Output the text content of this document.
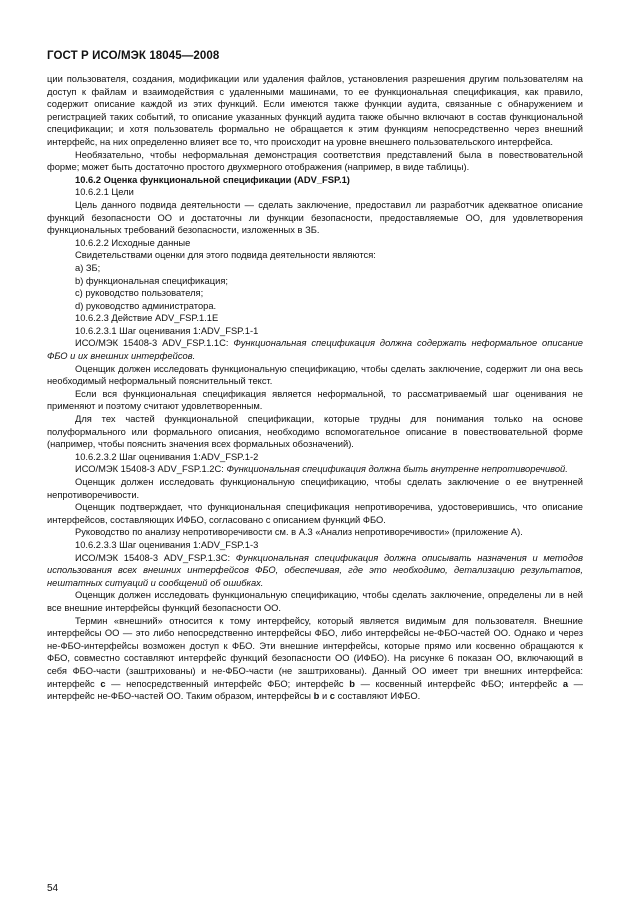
ГОСТ Р ИСО/МЭК 18045—2008

ции пользователя, создания, модификации или удаления файлов, установления разрешения другим пользователям на доступ к файлам и взаимодействия с удаленными машинами, то ее функциональная спецификация, как правило, содержит описание каждой из этих функций. Если имеются также функции аудита, связанные с обнаружением и регистрацией таких событий, то описание указанных функций аудита также обычно включают в состав функциональной спецификации; и хотя пользователь формально не обращается к этим функциям непосредственно через внешний интерфейс, на них определенно влияет все то, что происходит на уровне внешнего пользовательского интерфейса.

Необязательно, чтобы неформальная демонстрация соответствия представлений была в повествовательной форме; может быть достаточно простого двухмерного отображения (например, в виде таблицы).

10.6.2 Оценка функциональной спецификации (ADV_FSP.1)

10.6.2.1 Цели

Цель данного подвида деятельности — сделать заключение, предоставил ли разработчик адекватное описание функций безопасности ОО и достаточны ли функции безопасности, предоставляемые ОО, для удовлетворения функциональных требований безопасности, изложенных в ЗБ.

10.6.2.2 Исходные данные

Свидетельствами оценки для этого подвида деятельности являются:

a) ЗБ;

b) функциональная спецификация;

c) руководство пользователя;

d) руководство администратора.

10.6.2.3 Действие ADV_FSP.1.1E

10.6.2.3.1 Шаг оценивания 1:ADV_FSP.1-1

ИСО/МЭК 15408-3 ADV_FSP.1.1C: Функциональная спецификация должна содержать неформальное описание ФБО и их внешних интерфейсов.

Оценщик должен исследовать функциональную спецификацию, чтобы сделать заключение, содержит ли она весь необходимый неформальный пояснительный текст.

Если вся функциональная спецификация является неформальной, то рассматриваемый шаг оценивания не применяют и поэтому считают удовлетворенным.

Для тех частей функциональной спецификации, которые трудны для понимания только на основе полуформального или формального описания, необходимо вспомогательное описание в повествовательной форме (например, чтобы пояснить значения всех формальных обозначений).

10.6.2.3.2 Шаг оценивания 1:ADV_FSP.1-2

ИСО/МЭК 15408-3 ADV_FSP.1.2C: Функциональная спецификация должна быть внутренне непротиворечивой.

Оценщик должен исследовать функциональную спецификацию, чтобы сделать заключение о ее внутренней непротиворечивости.

Оценщик подтверждает, что функциональная спецификация непротиворечива, удостоверившись, что описание интерфейсов, составляющих ИФБО, согласовано с описанием функций ФБО.

Руководство по анализу непротиворечивости см. в А.3 «Анализ непротиворечивости» (приложение А).

10.6.2.3.3 Шаг оценивания 1:ADV_FSP.1-3

ИСО/МЭК 15408-3 ADV_FSP.1.3C: Функциональная спецификация должна описывать назначения и методов использования всех внешних интерфейсов ФБО, обеспечивая, где это необходимо, детализацию результатов, нештатных ситуаций и сообщений об ошибках.

Оценщик должен исследовать функциональную спецификацию, чтобы сделать заключение, определены ли в ней все внешние интерфейсы функций безопасности ОО.

Термин «внешний» относится к тому интерфейсу, который является видимым для пользователя. Внешние интерфейсы ОО — это либо непосредственно интерфейсы ФБО, либо интерфейсы не-ФБО-частей ОО. Однако и через не-ФБО-интерфейсы возможен доступ к ФБО. Эти внешние интерфейсы, которые прямо или косвенно обращаются к ФБО, совместно составляют интерфейс функций безопасности ОО (ИФБО). На рисунке 6 показан ОО, включающий в себя ФБО-части (заштрихованы) и не-ФБО-части (не заштрихованы). Данный ОО имеет три внешних интерфейса: интерфейс c — непосредственный интерфейс ФБО; интерфейс b — косвенный интерфейс ФБО; интерфейс a — интерфейс не-ФБО-частей ОО. Таким образом, интерфейсы b и c составляют ИФБО.

54
